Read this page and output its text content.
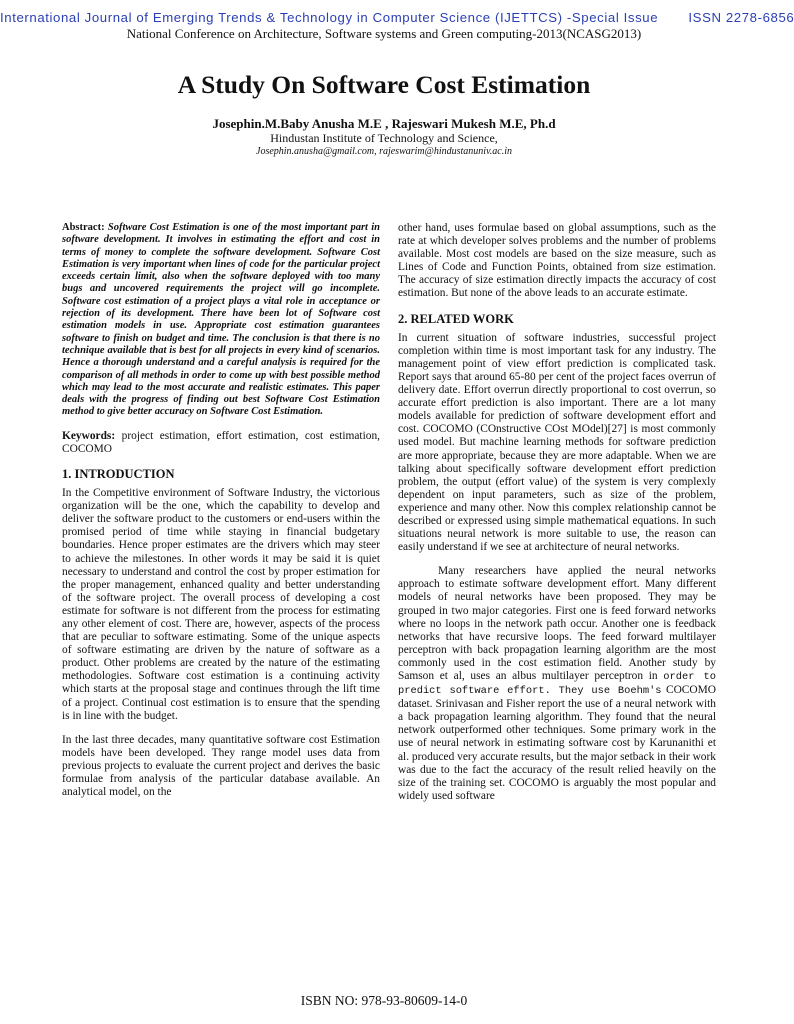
International Journal of Emerging Trends & Technology in Computer Science (IJETTCS) -Special Issue ISSN 2278-6856
National Conference on Architecture, Software systems and Green computing-2013(NCASG2013)
A Study On Software Cost Estimation
Josephin.M.Baby Anusha M.E , Rajeswari Mukesh M.E, Ph.d
Hindustan Institute of Technology and Science,
Josephin.anusha@gmail.com, rajeswarim@hindustanuniv.ac.in

Abstract: Software Cost Estimation is one of the most important part in software development. It involves in estimating the effort and cost in terms of money to complete the software development. Software Cost Estimation is very important when lines of code for the particular project exceeds certain limit, also when the software deployed with too many bugs and uncovered requirements the project will go incomplete. Software cost estimation of a project plays a vital role in acceptance or rejection of its development. There have been lot of Software cost estimation models in use. Appropriate cost estimation guarantees software to finish on budget and time. The conclusion is that there is no technique available that is best for all projects in every kind of scenarios. Hence a thorough understand and a careful analysis is required for the comparison of all methods in order to come up with best possible method which may lead to the most accurate and realistic estimates. This paper deals with the progress of finding out best Software Cost Estimation method to give better accuracy on Software Cost Estimation.

Keywords: project estimation, effort estimation, cost estimation, COCOMO

1. INTRODUCTION

In the Competitive environment of Software Industry, the victorious organization will be the one, which the capability to develop and deliver the software product to the customers or end-users within the promised period of time while staying in financial budgetary boundaries. Hence proper estimates are the drivers which may steer to achieve the milestones. In other words it may be said it is quiet necessary to understand and control the cost by proper estimation for the proper management, enhanced quality and better understanding of the software project. The overall process of developing a cost estimate for software is not different from the process for estimating any other element of cost. There are, however, aspects of the process that are peculiar to software estimating. Some of the unique aspects of software estimating are driven by the nature of software as a product. Other problems are created by the nature of the estimating methodologies. Software cost estimation is a continuing activity which starts at the proposal stage and continues through the lift time of a project. Continual cost estimation is to ensure that the spending is in line with the budget.

In the last three decades, many quantitative software cost Estimation models have been developed. They range model uses data from previous projects to evaluate the current project and derives the basic formulae from analysis of the particular database available. An analytical model, on the

other hand, uses formulae based on global assumptions, such as the rate at which developer solves problems and the number of problems available. Most cost models are based on the size measure, such as Lines of Code and Function Points, obtained from size estimation. The accuracy of size estimation directly impacts the accuracy of cost estimation. But none of the above leads to an accurate estimate.

2. RELATED WORK

In current situation of software industries, successful project completion within time is most important task for any industry. The management point of view effort prediction is complicated task. Report says that around 65-80 per cent of the project faces overrun of delivery date. Effort overrun directly proportional to cost overrun, so accurate effort prediction is also important. There are a lot many models available for prediction of software development effort and cost. COCOMO (COnstructive COst MOdel)[27] is most commonly used model. But machine learning methods for software prediction are more appropriate, because they are more adaptable. When we are talking about specifically software development effort prediction problem, the output (effort value) of the system is very complexly dependent on input parameters, such as size of the problem, experience and many other. Now this complex relationship cannot be described or expressed using simple mathematical equations. In such situations neural network is more suitable to use, the reason can easily understand if we see at architecture of neural networks.

Many researchers have applied the neural networks approach to estimate software development effort. Many different models of neural networks have been proposed. They may be grouped in two major categories. First one is feed forward networks where no loops in the network path occur. Another one is feedback networks that have recursive loops. The feed forward multilayer perceptron with back propagation learning algorithm are the most commonly used in the cost estimation field. Another study by Samson et al, uses an albus multilayer perceptron in order to predict software effort. They use Boehm's COCOMO dataset. Srinivasan and Fisher report the use of a neural network with a back propagation learning algorithm. They found that the neural network outperformed other techniques. Some primary work in the use of neural network in estimating software cost by Karunanithi et al. produced very accurate results, but the major setback in their work was due to the fact the accuracy of the result relied heavily on the size of the training set. COCOMO is arguably the most popular and widely used software

ISBN NO: 978-93-80609-14-0
